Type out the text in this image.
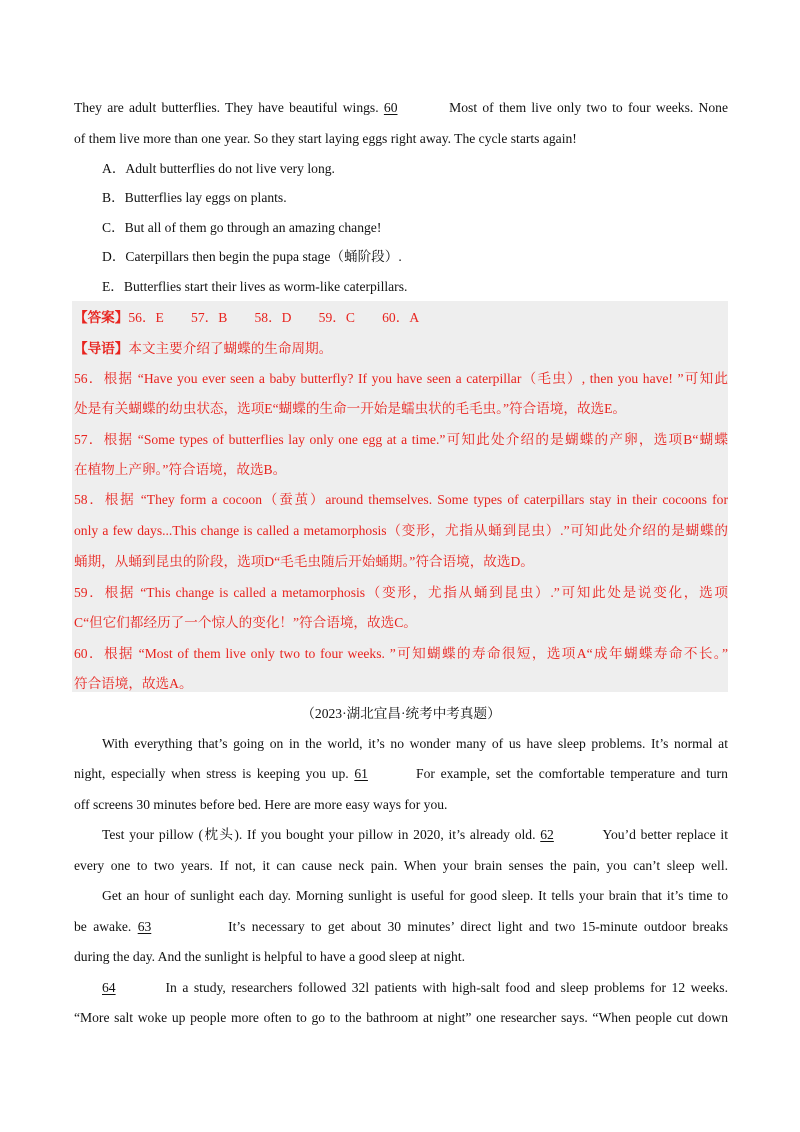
They are adult butterflies. They have beautiful wings. 60	Most of them live only two to four weeks. None
of them live more than one year. So they start laying eggs right away. The cycle starts again!
A．Adult butterflies do not live very long.
B．Butterflies lay eggs on plants.
C．But all of them go through an amazing change!
D．Caterpillars then begin the pupa stage（蛹阶段）.
E．Butterflies start their lives as worm-like caterpillars.
【答案】56．E　　57．B　　58．D　　59．C　　60．A
【导语】本文主要介绍了蝴蝶的生命周期。
56．根据 “Have you ever seen a baby butterfly? If you have seen a caterpillar（毛虫）, then you have! ”可知此
处是有关蝴蝶的幼虫状态，选项E“蝴蝶的生命一开始是蠕虫状的毛毛虫。”符合语境，故选E。
57．根据 “Some types of butterflies lay only one egg at a time.”可知此处介绍的是蝴蝶的产卵，选项B“蝴蝶
在植物上产卵。”符合语境，故选B。
58．根据 “They form a cocoon（蚕茧）around themselves. Some types of caterpillars stay in their cocoons for
only a few days...This change is called a metamorphosis（变形，尤指从蛹到昆虫）.”可知此处介绍的是蝴蝶的
蛹期，从蛹到昆虫的阶段，选项D“毛毛虫随后开始蛹期。”符合语境，故选D。
59．根据 “This change is called a metamorphosis（变形，尤指从蛹到昆虫）.”可知此处是说变化，选项
C“但它们都经历了一个惊人的变化！”符合语境，故选C。
60．根据 “Most of them live only two to four weeks. ”可知蝴蝶的寿命很短，选项A“成年蝴蝶寿命不长。”
符合语境，故选A。
（2023·湖北宜昌·统考中考真题）
With everything that’s going on in the world, it’s no wonder many of us have sleep problems. It’s normal at
night, especially when stress is keeping you up. 61	For example, set the comfortable temperature and turn
off screens 30 minutes before bed. Here are more easy ways for you.
Test your pillow (枕头). If you bought your pillow in 2020, it’s already old. 62	You’d better replace it
every one to two years. If not, it can cause neck pain. When your brain senses the pain, you can’t sleep well.
Get an hour of sunlight each day. Morning sunlight is useful for good sleep. It tells your brain that it’s time to
be awake. 63	It’s necessary to get about 30 minutes’ direct light and two 15-minute outdoor breaks
during the day. And the sunlight is helpful to have a good sleep at night.
64	In a study, researchers followed 32l patients with high-salt food and sleep problems for 12 weeks.
“More salt woke up people more often to go to the bathroom at night” one researcher says. “When people cut down
